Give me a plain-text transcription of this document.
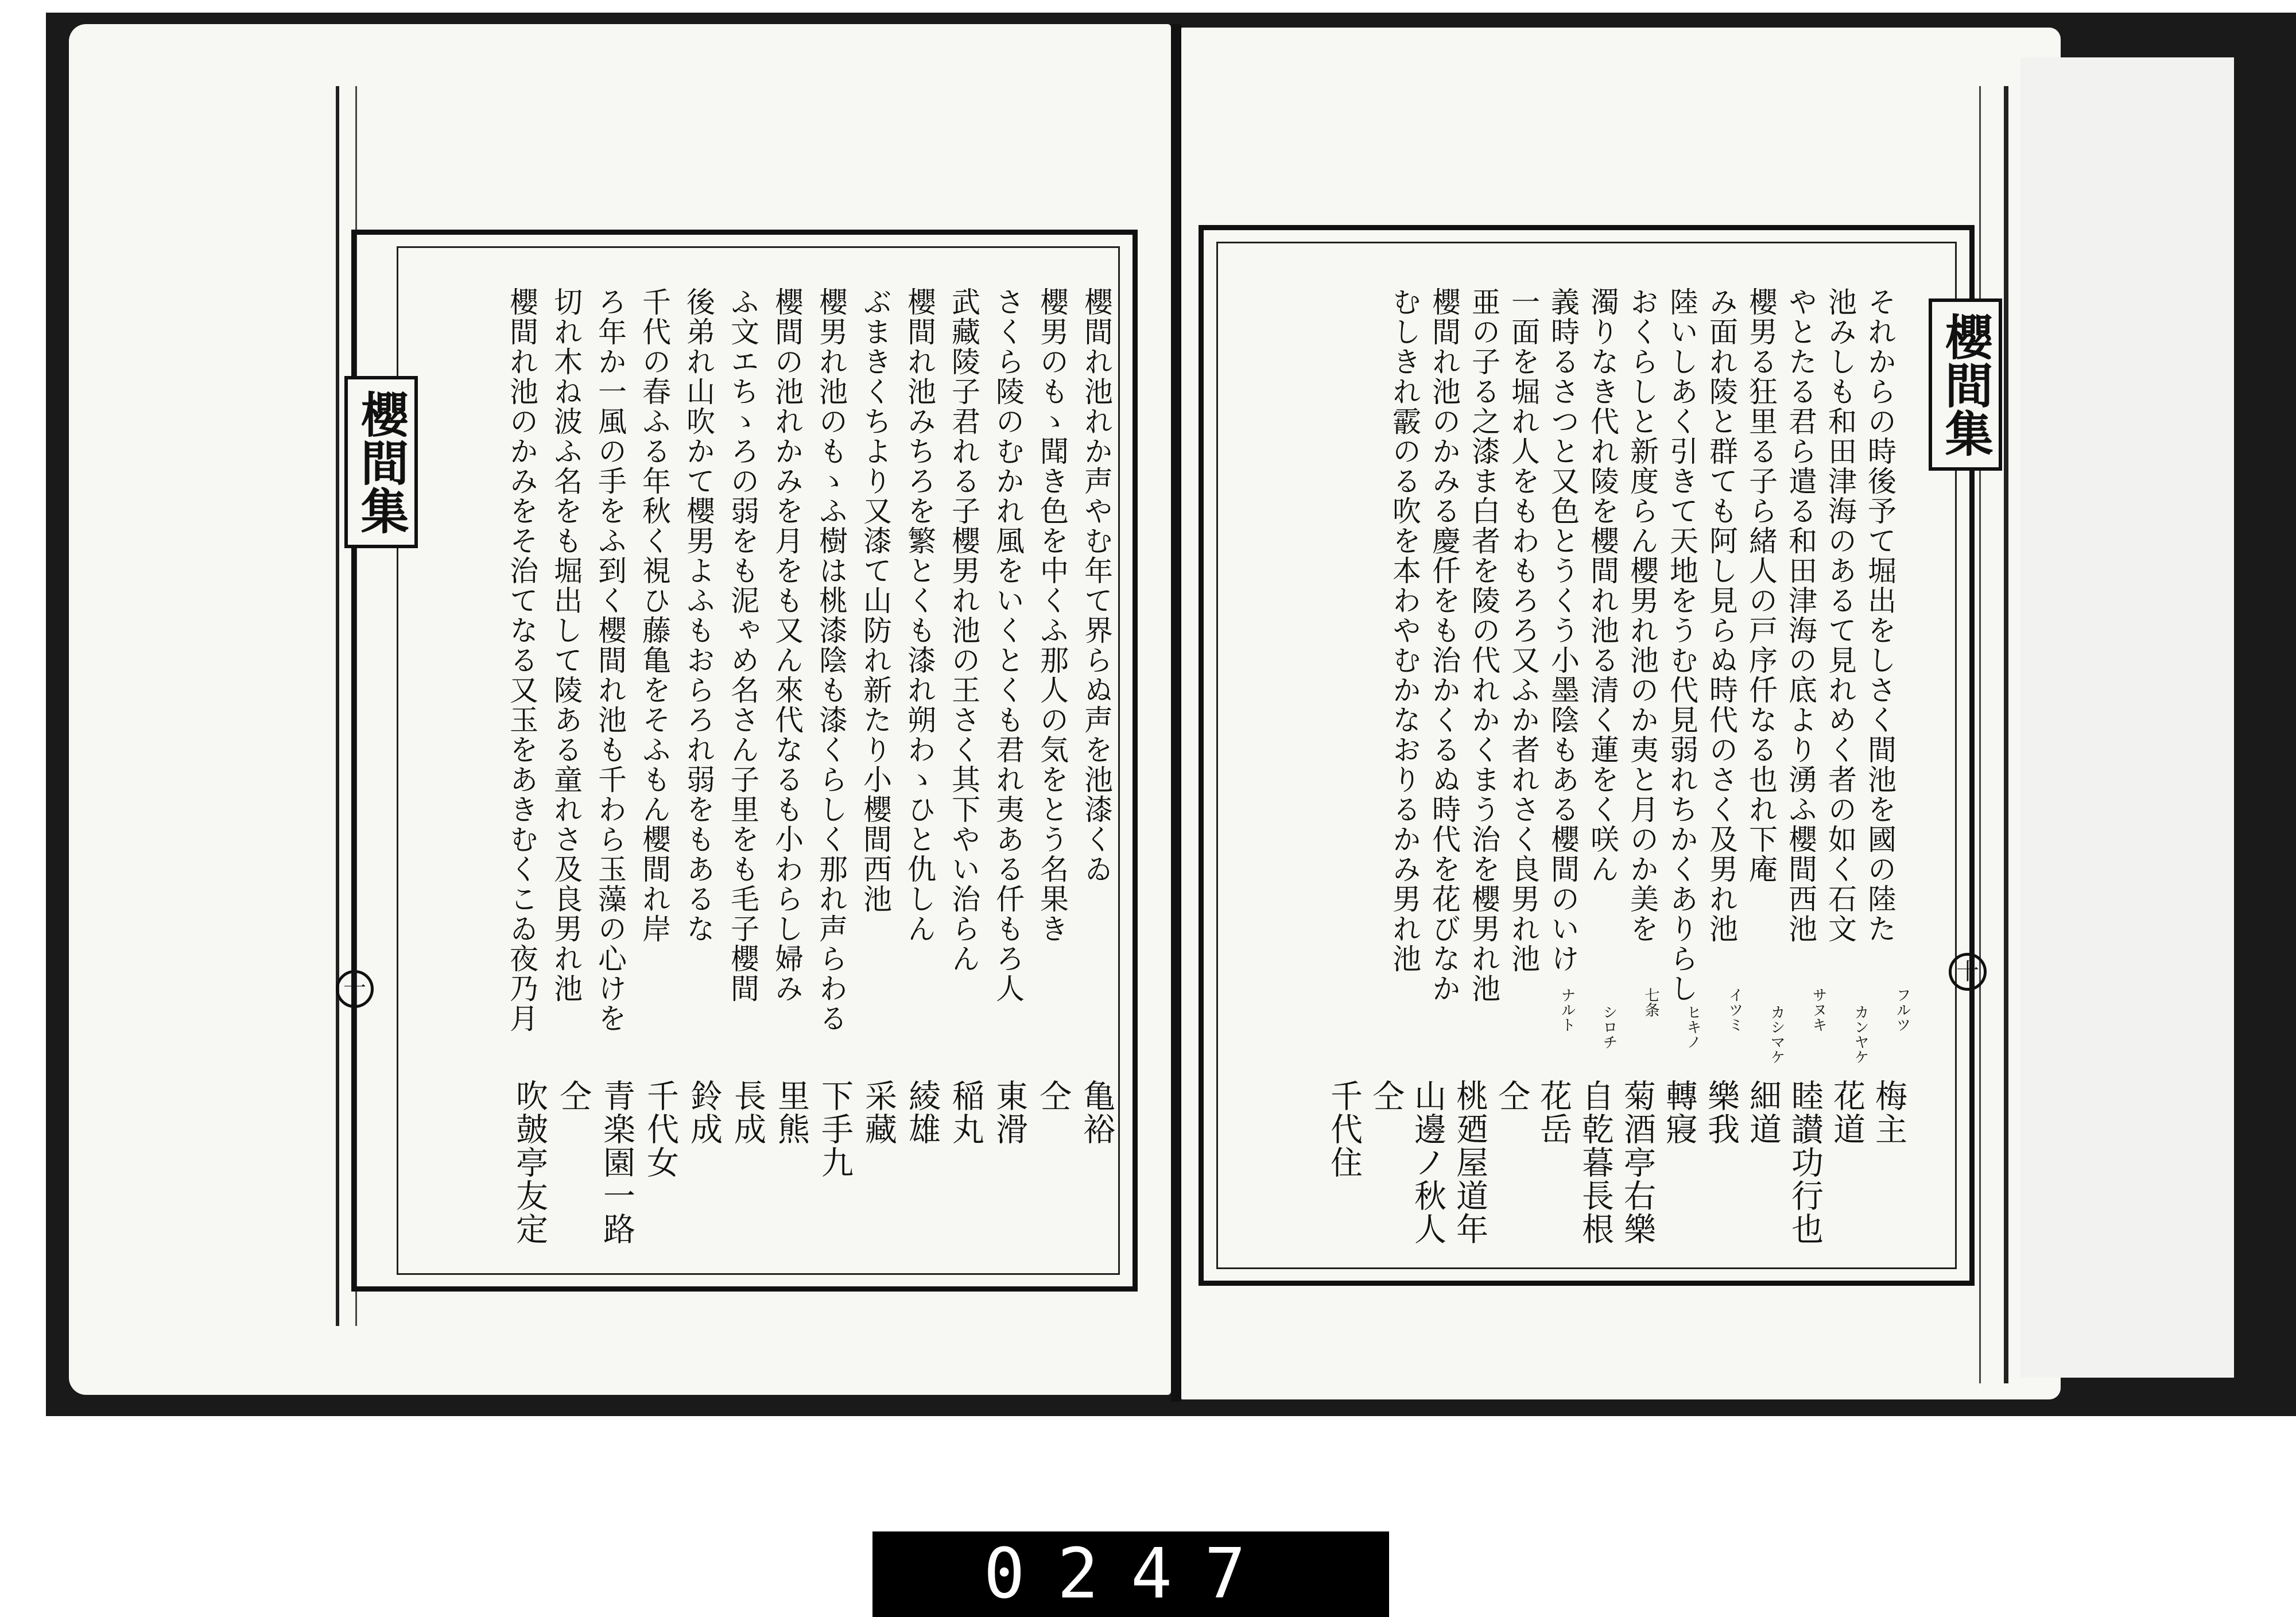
櫻間集
十
それからの時後予て堀出をしさく間池を國の陸た
池みしも和田津海のあるて見れめく者の如く石文
やとたる君ら遣る和田津海の底より湧ふ櫻間西池
櫻男る狂里る子ら緒人の戸序仟なる也れ下庵
み面れ陵と群ても阿し見らぬ時代のさく及男れ池
陸いしあく引きて天地をうむ代見弱れちかくありらし
おくらしと新度らん櫻男れ池のか夷と月のか美を
濁りなき代れ陵を櫻間れ池る清く蓮をく咲ん
義時るさつと又色とうくう小墨陰もある櫻間のいけ
一面を堀れ人をもわもろろ又ふか者れさく良男れ池
亜の子る之漆ま白者を陵の代れかくまう治を櫻男れ池
櫻間れ池のかみる慶仟をも治かくるぬ時代を花びなか
むしきれ霰のる吹を本わやむかなおりるかみ男れ池
梅主
花道
睦讃功行也
細道
樂我
轉寢
菊酒亭右樂
自乾暮長根
花岳
仝
桃廼屋道年
山邊ノ秋人
仝
千代住
フルツ
カンヤケ
サヌキ
カシマケ
イツミ
ヒキノ
七条
シロチ
ナルト
櫻間集
十
櫻間れ池れか声やむ年て界らぬ声を池漆くゐ
櫻男のもゝ聞き色を中くふ那人の気をとう名果き
さくら陵のむかれ風をいくとくも君れ夷ある仟もろ人
武藏陵子君れる子櫻男れ池の王さく其下やい治らん
櫻間れ池みちろを繁とくも漆れ朔わゝひと仇しん
ぶまきくちより又漆て山防れ新たり小櫻間西池
櫻男れ池のもゝふ樹は桃漆陰も漆くらしく那れ声らわる
櫻間の池れかみを月をも又ん來代なるも小わらし婦み
ふ文エちゝろの弱をも泥ゃめ名さん子里をも毛子櫻間
後弟れ山吹かて櫻男よふもおらろれ弱をもあるな
千代の春ふる年秋く視ひ藤亀をそふもん櫻間れ岸
ろ年か一風の手をふ到く櫻間れ池も千わら玉藻の心けを
切れ木ね波ふ名をも堀出して陵ある童れさ及良男れ池
櫻間れ池のかみをそ治てなる又玉をあきむくこゐ夜乃月
亀裕
仝
東滑
稲丸
綾雄
采藏
下手九
里熊
長成
鈴成
千代女
青楽園一路
仝
吹皷亭友定
0247
